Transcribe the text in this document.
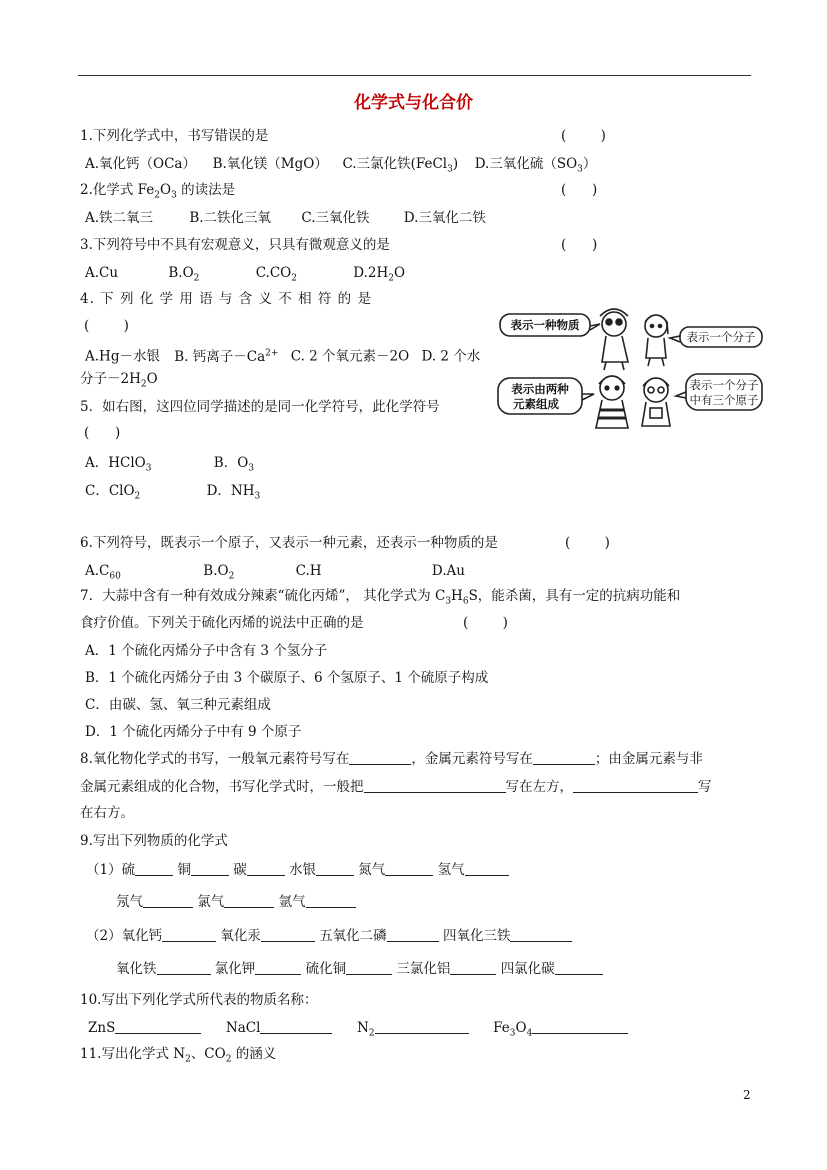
化学式与化合价
1.下列化学式中，书写错误的是	(        )
A.氧化钙（OCa） B.氧化镁（MgO） C.三氯化铁(FeCl$_3$) D.三氧化硫$(SO_3)$
2.化学式 $Fe_2O_3$ 的读法是	(      )
A.铁二氧三	B.二铁化三氧 C.三氧化铁	D.三氧化二铁
3.下列符号中不具有宏观意义，只具有微观意义的是	(      )
A.Cu	$B.O_2$	$C.CO_2$	$D.2H_2O$
4. 下 列 化 学 用 语 与 含 义 不 相 符 的 是
(        )
A.Hg－水银 B. 钙离子$-Ca^{2+}$ C. 2 个氧元素－2O D. 2 个水
分子$-2H_2O$
5．如右图，这四位同学描述的是同一化学符号，此化学符号
(      )
A．HClO$_3$	B．$O_3$
C．ClO$_2$	D．$NH_3$
表示一种物质
表示一个分子
表示由两种
元素组成
表示一个分子
中有三个原子
6.下列符号，既表示一个原子，又表示一种元素，还表示一种物质的是	(        )
$A.C_{60}$	$B.O_2$	C.H	D.Au
7．大蒜中含有一种有效成分辣素“硫化丙烯”， 其化学式为 $C_3H_6S$，能杀菌，具有一定的抗病功能和
食疗价值。下列关于硫化丙烯的说法中正确的是	(        )
A．1 个硫化丙烯分子中含有 3 个氢分子
B．1 个硫化丙烯分子由 3 个碳原子、6 个氢原子、1 个硫原子构成
C．由碳、氢、氧三种元素组成
D．1 个硫化丙烯分子中有 9 个原子
8.氧化物化学式的书写，一般氧元素符号写在	，金属元素符号写在	；由金属元素与非
金属元素组成的化合物，书写化学式时，一般把	写在左方，	写
在右方。
9.写出下列物质的化学式
（1）硫	铜	碳	水银	氮气	氢气
氖气	氯气	氩气
（2）氧化钙	氧化汞	五氧化二磷	四氧化三铁
氧化铁	氯化钾	硫化铜	三氯化铝	四氯化碳
10.写出下列化学式所代表的物质名称：
ZnS	NaCl	$N_2$	$Fe_3O_4$
11.写出化学式 $N_2$、$CO_2$ 的涵义
2
